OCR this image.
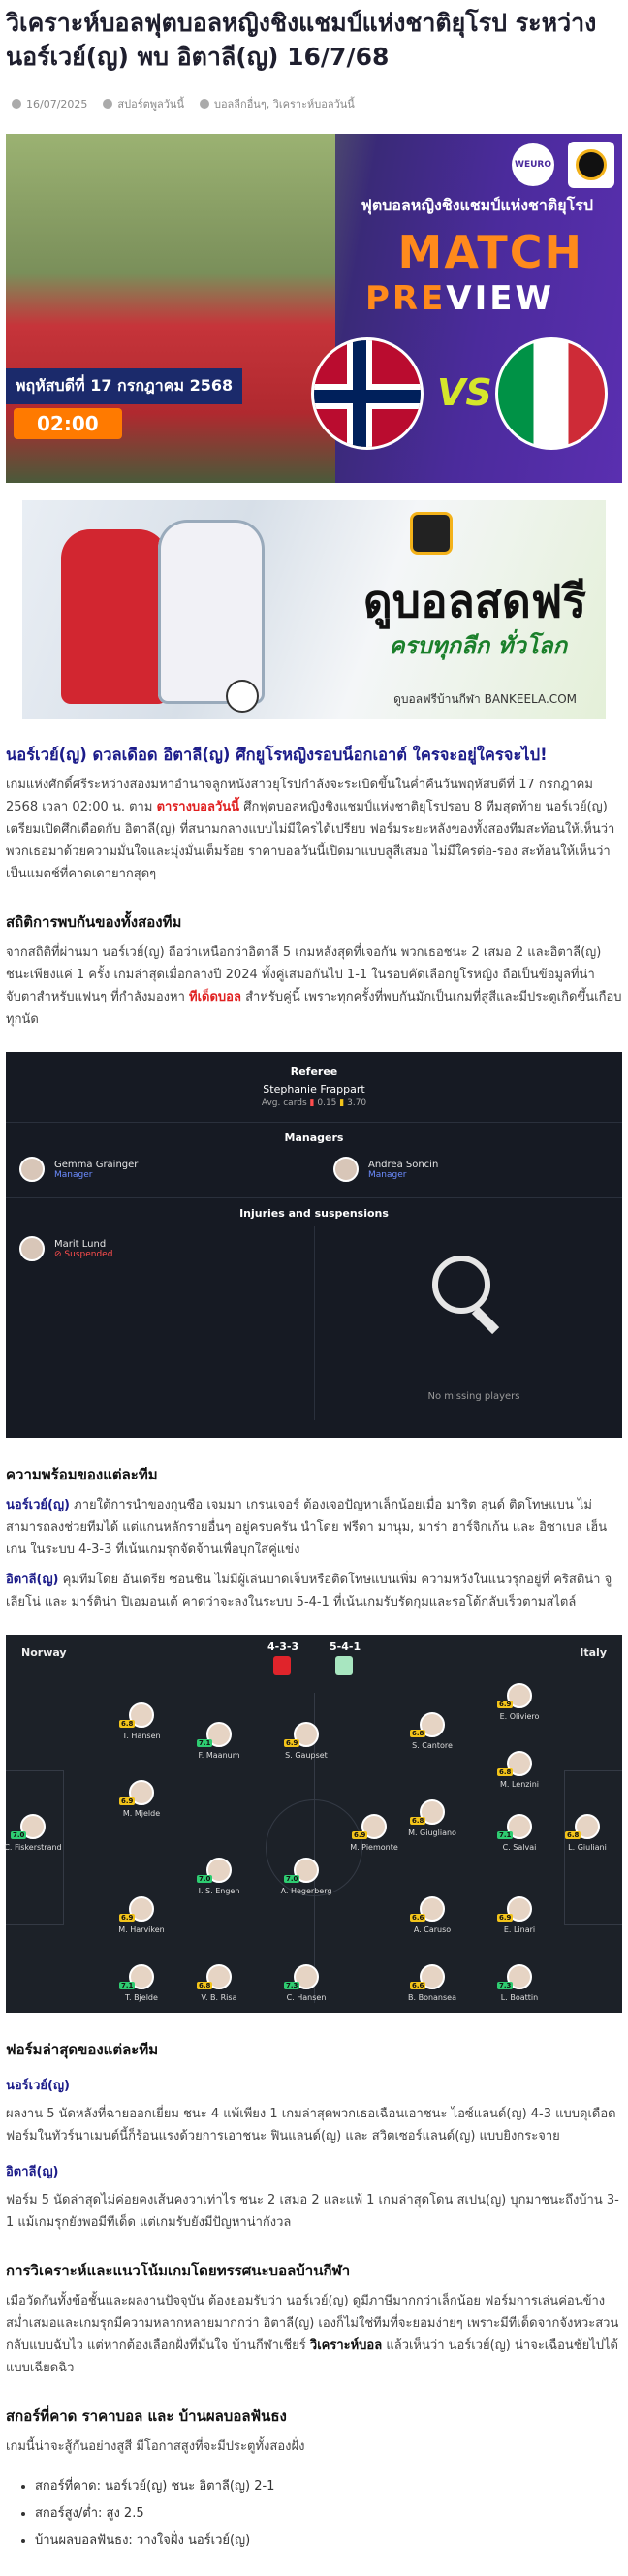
วิเคราะห์บอลฟุตบอลหญิงชิงแชมป์แห่งชาติยุโรป ระหว่าง นอร์เวย์(ญ) พบ อิตาลี(ญ) 16/7/68
16/07/2025	สปอร์ตพูลวันนี้	บอลลีกอื่นๆ, วิเคราะห์บอลวันนี้
WEURO
ฟุตบอลหญิงชิงแชมป์แห่งชาติยุโรป
MATCH
PREVIEW
พฤหัสบดีที่ 17 กรกฎาคม 2568
02:00
VS
ดูบอลสดฟรี
ครบทุกลีก ทั่วโลก
ดูบอลฟรีบ้านกีฬา BANKEELA.COM
นอร์เวย์(ญ) ดวลเดือด อิตาลี(ญ) ศึกยูโรหญิงรอบน็อกเอาต์ ใครจะอยู่ใครจะไป!

เกมแห่งศักดิ์ศรีระหว่างสองมหาอำนาจลูกหนังสาวยุโรปกำลังจะระเบิดขึ้นในค่ำคืนวันพฤหัสบดีที่ 17 กรกฎาคม 2568 เวลา 02:00 น. ตาม ตารางบอลวันนี้ ศึกฟุตบอลหญิงชิงแชมป์แห่งชาติยุโรปรอบ 8 ทีมสุดท้าย นอร์เวย์(ญ) เตรียมเปิดศึกเดือดกับ อิตาลี(ญ) ที่สนามกลางแบบไม่มีใครได้เปรียบ ฟอร์มระยะหลังของทั้งสองทีมสะท้อนให้เห็นว่าพวกเธอมาด้วยความมั่นใจและมุ่งมั่นเต็มร้อย ราคาบอลวันนี้เปิดมาแบบสูสีเสมอ ไม่มีใครต่อ-รอง สะท้อนให้เห็นว่าเป็นแมตช์ที่คาดเดายากสุดๆ

สถิติการพบกันของทั้งสองทีม

จากสถิติที่ผ่านมา นอร์เวย์(ญ) ถือว่าเหนือกว่าอิตาลี 5 เกมหลังสุดที่เจอกัน พวกเธอชนะ 2 เสมอ 2 และอิตาลี(ญ) ชนะเพียงแค่ 1 ครั้ง เกมล่าสุดเมื่อกลางปี 2024 ทั้งคู่เสมอกันไป 1-1 ในรอบคัดเลือกยูโรหญิง ถือเป็นข้อมูลที่น่าจับตาสำหรับแฟนๆ ที่กำลังมองหา ทีเด็ดบอล สำหรับคู่นี้ เพราะทุกครั้งที่พบกันมักเป็นเกมที่สูสีและมีประตูเกิดขึ้นเกือบทุกนัด

Referee
Stephanie Frappart
Avg. cards ▮ 0.15 ▮ 3.70
Managers
Gemma Grainger
Manager
Andrea Soncin
Manager
Injuries and suspensions
Marit Lund
⊘ Suspended
No missing players
ความพร้อมของแต่ละทีม

นอร์เวย์(ญ) ภายใต้การนำของกุนซือ เจมมา เกรนเจอร์ ต้องเจอปัญหาเล็กน้อยเมื่อ มาริต ลุนด์ ติดโทษแบน ไม่สามารถลงช่วยทีมได้ แต่แกนหลักรายอื่นๆ อยู่ครบครัน นำโดย ฟรีดา มานุม, มาร่า ฮาร์จิกเก้น และ อิซาเบล เฮ็นเกน ในระบบ 4-3-3 ที่เน้นเกมรุกจัดจ้านเพื่อบุกใส่คู่แข่ง

อิตาลี(ญ) คุมทีมโดย อันเดรีย ซอนชิน ไม่มีผู้เล่นบาดเจ็บหรือติดโทษแบนเพิ่ม ความหวังในแนวรุกอยู่ที่ คริสติน่า จูเลียโน่ และ มาร์ติน่า ปิเอมอนเต้ คาดว่าจะลงในระบบ 5-4-1 ที่เน้นเกมรับรัดกุมและรอโต้กลับเร็วตามสไตล์

Norway	Italy
4-3-3	5-4-1
7.0
C. Fiskerstrand
6.9
M. Harviken
6.9
M. Mjelde
6.8
T. Hansen
7.1
T. Bjelde
6.8
V. B. Risa
7.0
I. S. Engen
7.1
F. Maanum
7.3
C. Hansen
7.0
A. Hegerberg
6.9
S. Gaupset
6.8
L. Giuliani
6.9
E. Linari
7.1
C. Salvai
7.3
L. Boattin
6.9
E. Oliviero
6.6
B. Bonansea
6.6
A. Caruso
6.8
M. Lenzini
6.8
S. Cantore
6.8
M. Giugliano
6.9
M. Piemonte
ฟอร์มล่าสุดของแต่ละทีม
นอร์เวย์(ญ)

ผลงาน 5 นัดหลังที่ฉายออกเยี่ยม ชนะ 4 แพ้เพียง 1 เกมล่าสุดพวกเธอเฉือนเอาชนะ ไอซ์แลนด์(ญ) 4-3 แบบดุเดือด ฟอร์มในทัวร์นาเมนต์นี้ก็ร้อนแรงด้วยการเอาชนะ ฟินแลนด์(ญ) และ สวิตเซอร์แลนด์(ญ) แบบยิงกระจาย

อิตาลี(ญ)

ฟอร์ม 5 นัดล่าสุดไม่ค่อยคงเส้นคงวาเท่าไร ชนะ 2 เสมอ 2 และแพ้ 1 เกมล่าสุดโดน สเปน(ญ) บุกมาชนะถึงบ้าน 3-1 แม้เกมรุกยังพอมีทีเด็ด แต่เกมรับยังมีปัญหาน่ากังวล

การวิเคราะห์และแนวโน้มเกมโดยทรรศนะบอลบ้านกีฬา

เมื่อวัดกันทั้งข้อชั้นและผลงานปัจจุบัน ต้องยอมรับว่า นอร์เวย์(ญ) ดูมีภาษีมากกว่าเล็กน้อย ฟอร์มการเล่นค่อนข้างสม่ำเสมอและเกมรุกมีความหลากหลายมากกว่า อิตาลี(ญ) เองก็ไม่ใช่ทีมที่จะยอมง่ายๆ เพราะมีทีเด็ดจากจังหวะสวนกลับแบบฉับไว แต่หากต้องเลือกฝั่งที่มั่นใจ บ้านกีฬาเชียร์ วิเคราะห์บอล แล้วเห็นว่า นอร์เวย์(ญ) น่าจะเฉือนชัยไปได้แบบเฉียดฉิว

สกอร์ที่คาด ราคาบอล และ บ้านผลบอลฟันธง

เกมนี้น่าจะสู้กันอย่างสูสี มีโอกาสสูงที่จะมีประตูทั้งสองฝั่ง

• สกอร์ที่คาด: นอร์เวย์(ญ) ชนะ อิตาลี(ญ) 2-1
• สกอร์สูง/ต่ำ: สูง 2.5
• บ้านผลบอลฟันธง: วางใจฝั่ง นอร์เวย์(ญ)
